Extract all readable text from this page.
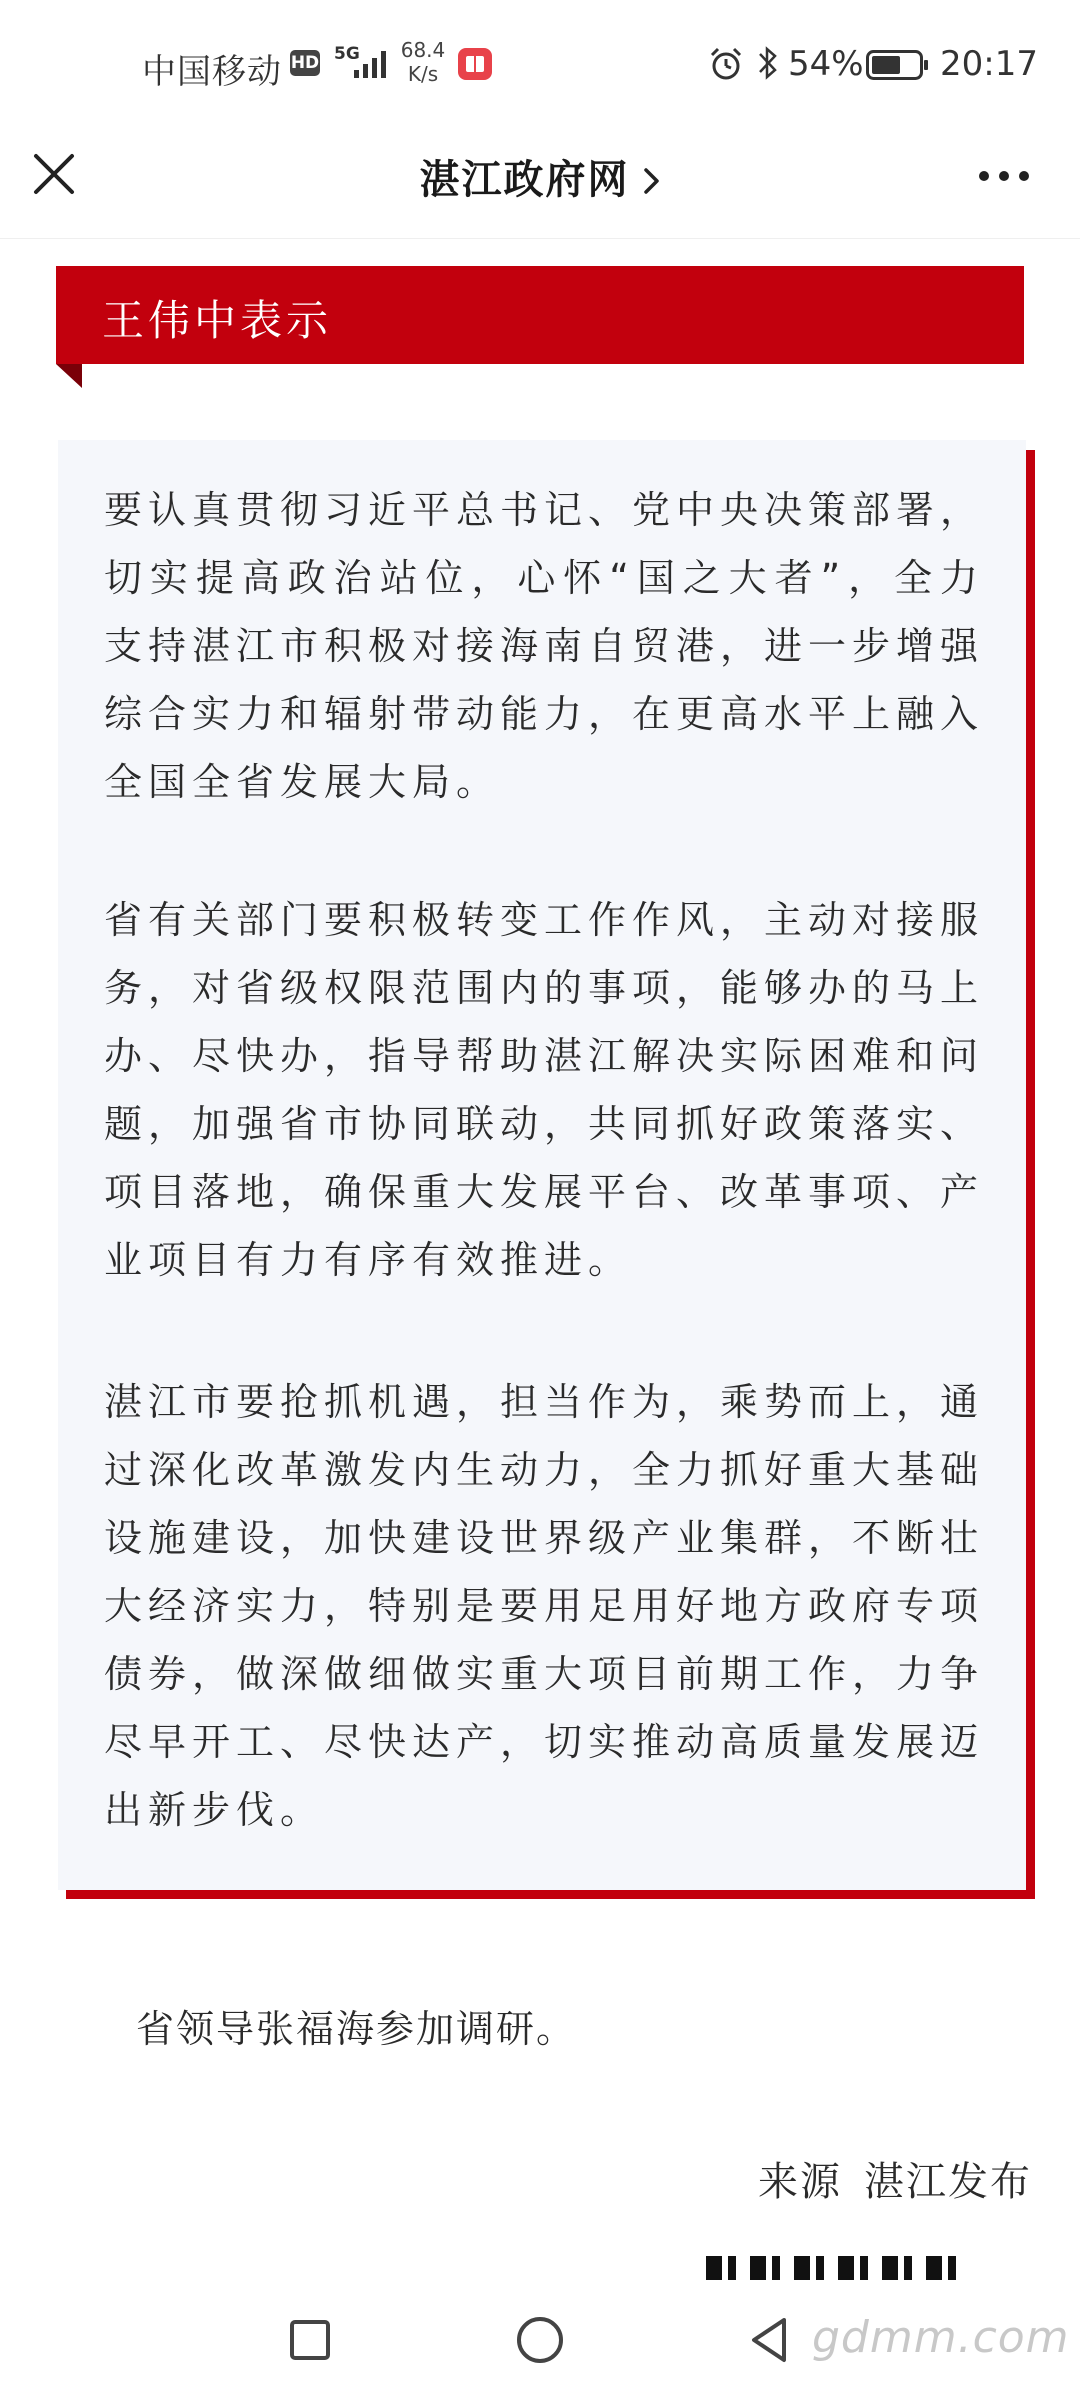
中国移动 HD 5G 68.4
K/s	54% 20:17
湛江政府网
王伟中表示

要认真贯彻习近平总书记、党中央决策部署，切实提高政治站位，心怀“国之大者”，全力支持湛江市积极对接海南自贸港，进一步增强综合实力和辐射带动能力，在更高水平上融入全国全省发展大局。

省有关部门要积极转变工作作风，主动对接服务，对省级权限范围内的事项，能够办的马上办、尽快办，指导帮助湛江解决实际困难和问题，加强省市协同联动，共同抓好政策落实、项目落地，确保重大发展平台、改革事项、产业项目有力有序有效推进。

湛江市要抢抓机遇，担当作为，乘势而上，通过深化改革激发内生动力，全力抓好重大基础设施建设，加快建设世界级产业集群，不断壮大经济实力，特别是要用足用好地方政府专项债券，做深做细做实重大项目前期工作，力争尽早开工、尽快达产，切实推动高质量发展迈出新步伐。

省领导张福海参加调研。

来源 湛江发布
gdmm.com
